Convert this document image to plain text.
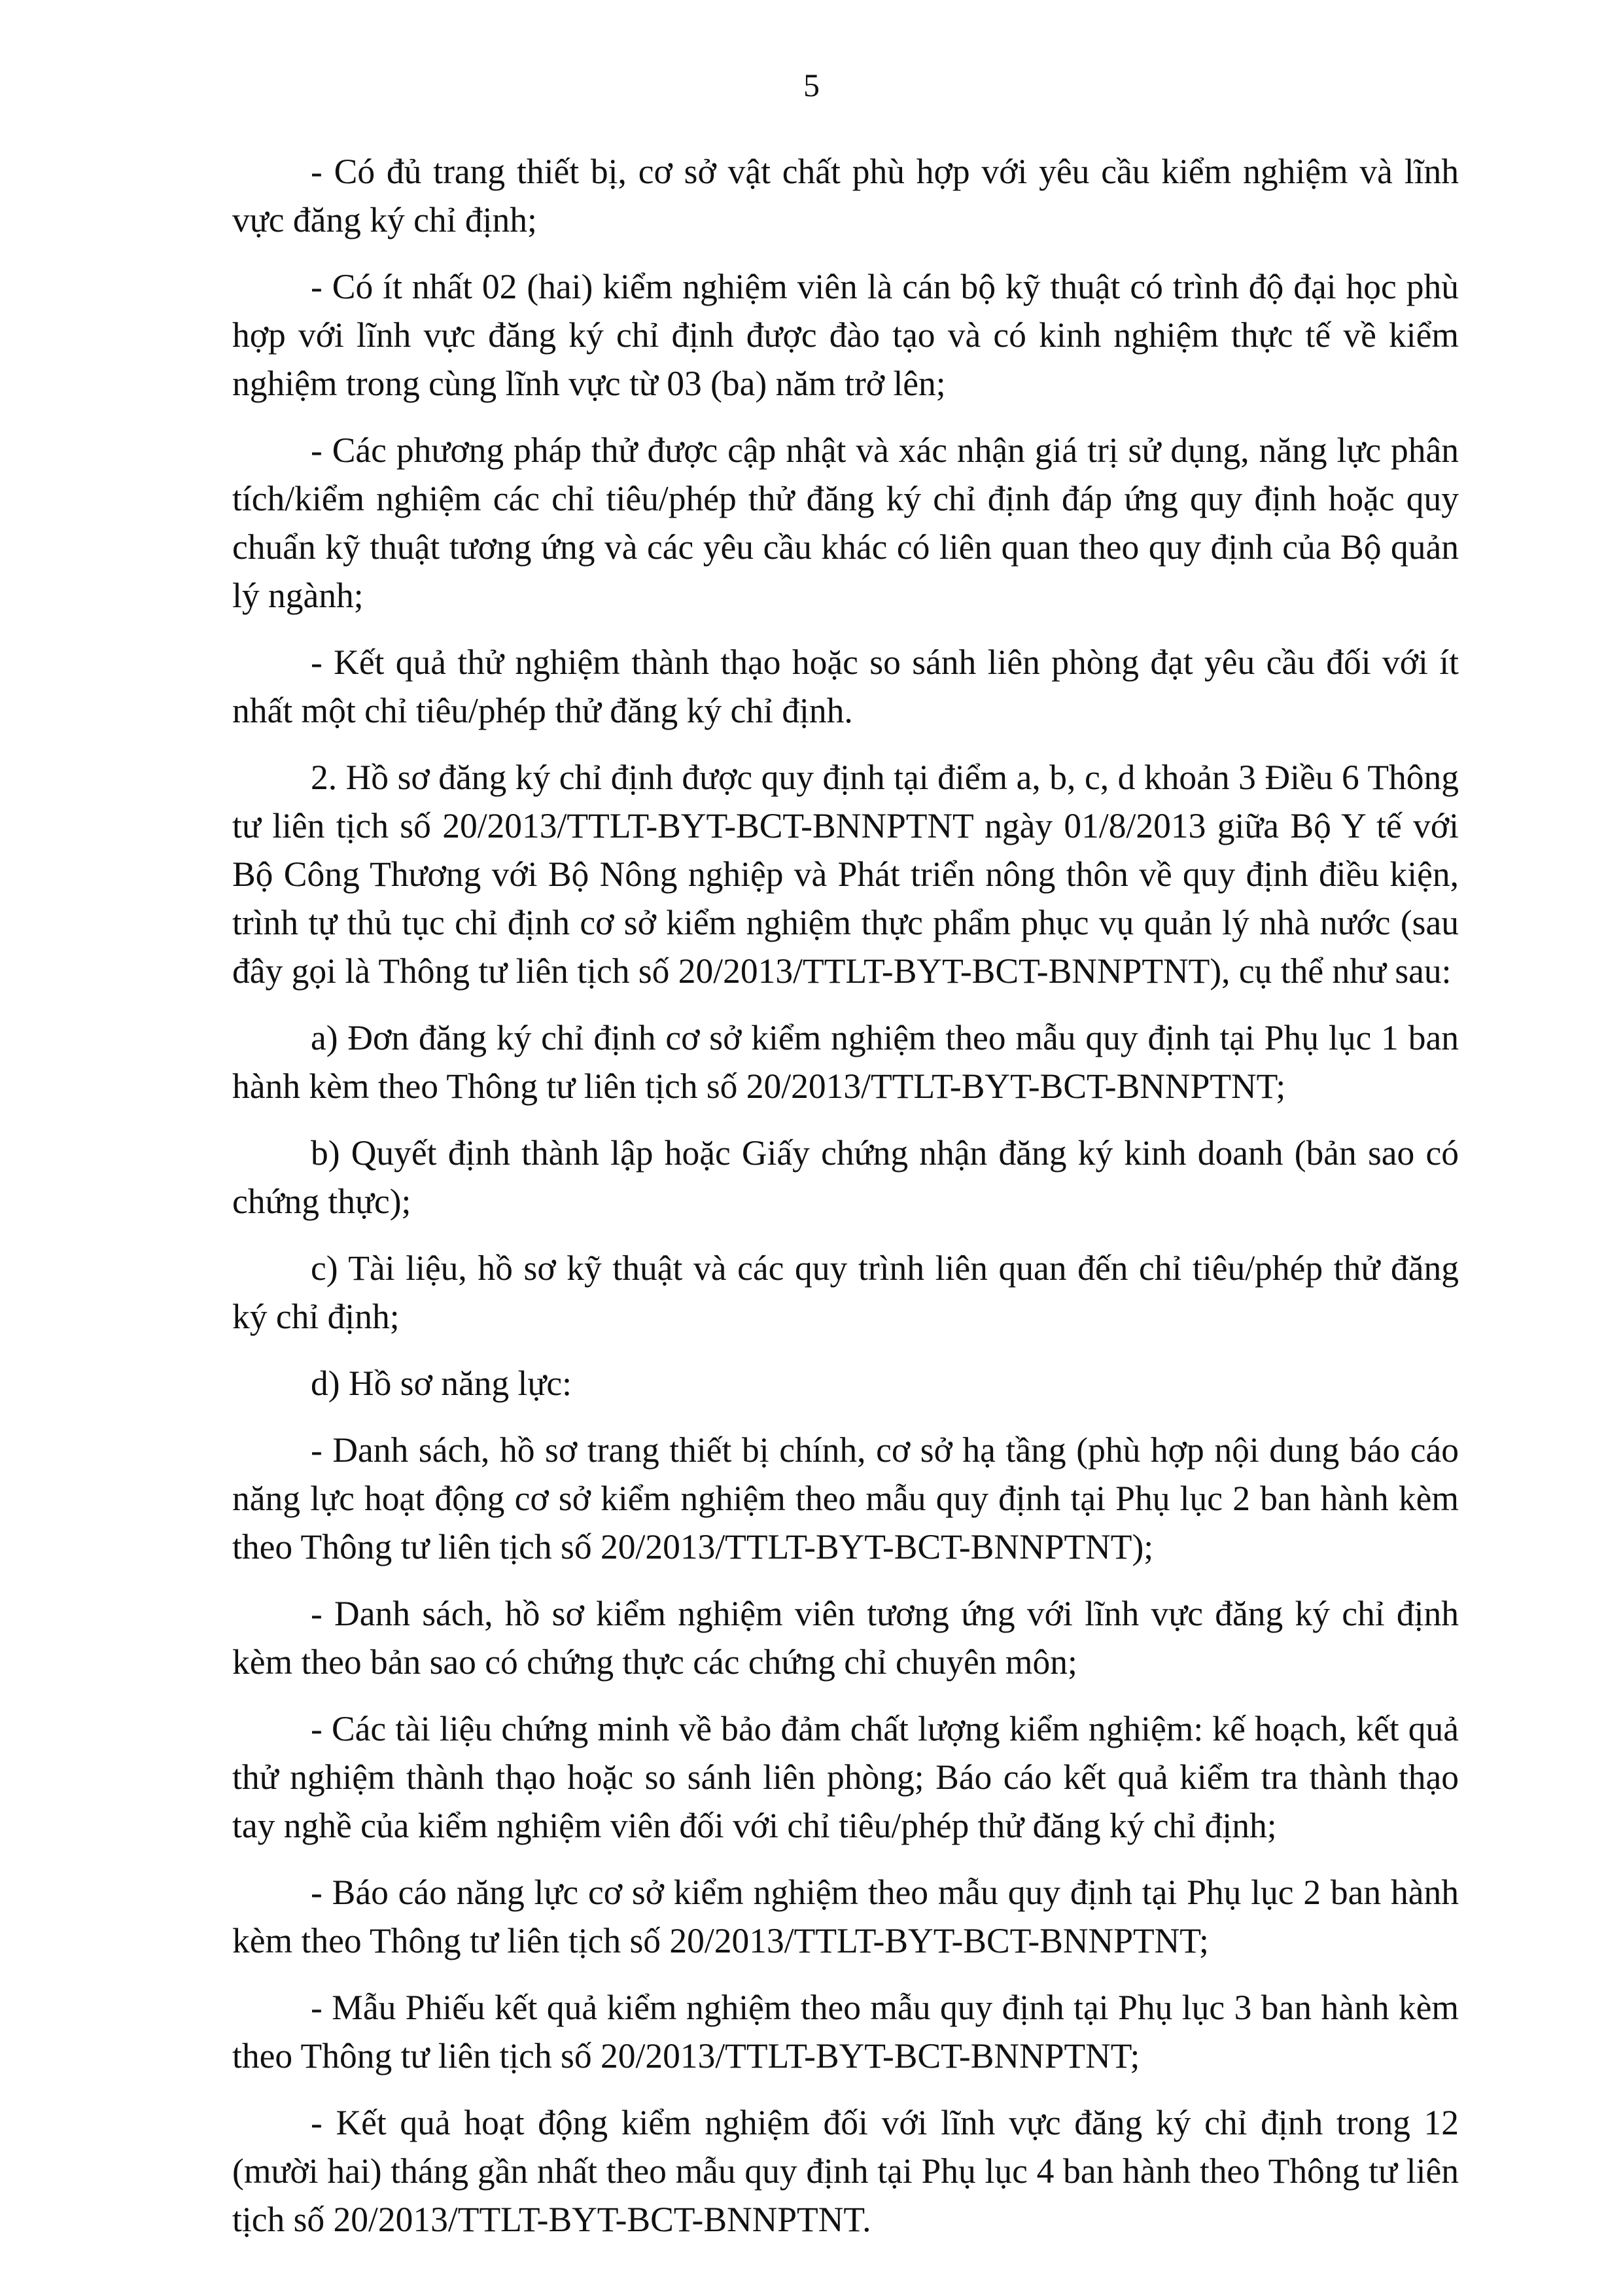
5

- Có đủ trang thiết bị, cơ sở vật chất phù hợp với yêu cầu kiểm nghiệm và lĩnh vực đăng ký chỉ định;

- Có ít nhất 02 (hai) kiểm nghiệm viên là cán bộ kỹ thuật có trình độ đại học phù hợp với lĩnh vực đăng ký chỉ định được đào tạo và có kinh nghiệm thực tế về kiểm nghiệm trong cùng lĩnh vực từ 03 (ba) năm trở lên;

- Các phương pháp thử được cập nhật và xác nhận giá trị sử dụng, năng lực phân tích/kiểm nghiệm các chỉ tiêu/phép thử đăng ký chỉ định đáp ứng quy định hoặc quy chuẩn kỹ thuật tương ứng và các yêu cầu khác có liên quan theo quy định của Bộ quản lý ngành;

- Kết quả thử nghiệm thành thạo hoặc so sánh liên phòng đạt yêu cầu đối với ít nhất một chỉ tiêu/phép thử đăng ký chỉ định.

2. Hồ sơ đăng ký chỉ định được quy định tại điểm a, b, c, d khoản 3 Điều 6 Thông tư liên tịch số 20/2013/TTLT-BYT-BCT-BNNPTNT ngày 01/8/2013 giữa Bộ Y tế với Bộ Công Thương với Bộ Nông nghiệp và Phát triển nông thôn về quy định điều kiện, trình tự thủ tục chỉ định cơ sở kiểm nghiệm thực phẩm phục vụ quản lý nhà nước (sau đây gọi là Thông tư liên tịch số 20/2013/TTLT-BYT-BCT-BNNPTNT), cụ thể như sau:

a) Đơn đăng ký chỉ định cơ sở kiểm nghiệm theo mẫu quy định tại Phụ lục 1 ban hành kèm theo Thông tư liên tịch số 20/2013/TTLT-BYT-BCT-BNNPTNT;

b) Quyết định thành lập hoặc Giấy chứng nhận đăng ký kinh doanh (bản sao có chứng thực);

c) Tài liệu, hồ sơ kỹ thuật và các quy trình liên quan đến chỉ tiêu/phép thử đăng ký chỉ định;

d) Hồ sơ năng lực:

- Danh sách, hồ sơ trang thiết bị chính, cơ sở hạ tầng (phù hợp nội dung báo cáo năng lực hoạt động cơ sở kiểm nghiệm theo mẫu quy định tại Phụ lục 2 ban hành kèm theo Thông tư liên tịch số 20/2013/TTLT-BYT-BCT-BNNPTNT);

- Danh sách, hồ sơ kiểm nghiệm viên tương ứng với lĩnh vực đăng ký chỉ định kèm theo bản sao có chứng thực các chứng chỉ chuyên môn;

- Các tài liệu chứng minh về bảo đảm chất lượng kiểm nghiệm: kế hoạch, kết quả thử nghiệm thành thạo hoặc so sánh liên phòng; Báo cáo kết quả kiểm tra thành thạo tay nghề của kiểm nghiệm viên đối với chỉ tiêu/phép thử đăng ký chỉ định;

- Báo cáo năng lực cơ sở kiểm nghiệm theo mẫu quy định tại Phụ lục 2 ban hành kèm theo Thông tư liên tịch số 20/2013/TTLT-BYT-BCT-BNNPTNT;

- Mẫu Phiếu kết quả kiểm nghiệm theo mẫu quy định tại Phụ lục 3 ban hành kèm theo Thông tư liên tịch số 20/2013/TTLT-BYT-BCT-BNNPTNT;

- Kết quả hoạt động kiểm nghiệm đối với lĩnh vực đăng ký chỉ định trong 12 (mười hai) tháng gần nhất theo mẫu quy định tại Phụ lục 4 ban hành theo Thông tư liên tịch số 20/2013/TTLT-BYT-BCT-BNNPTNT.
